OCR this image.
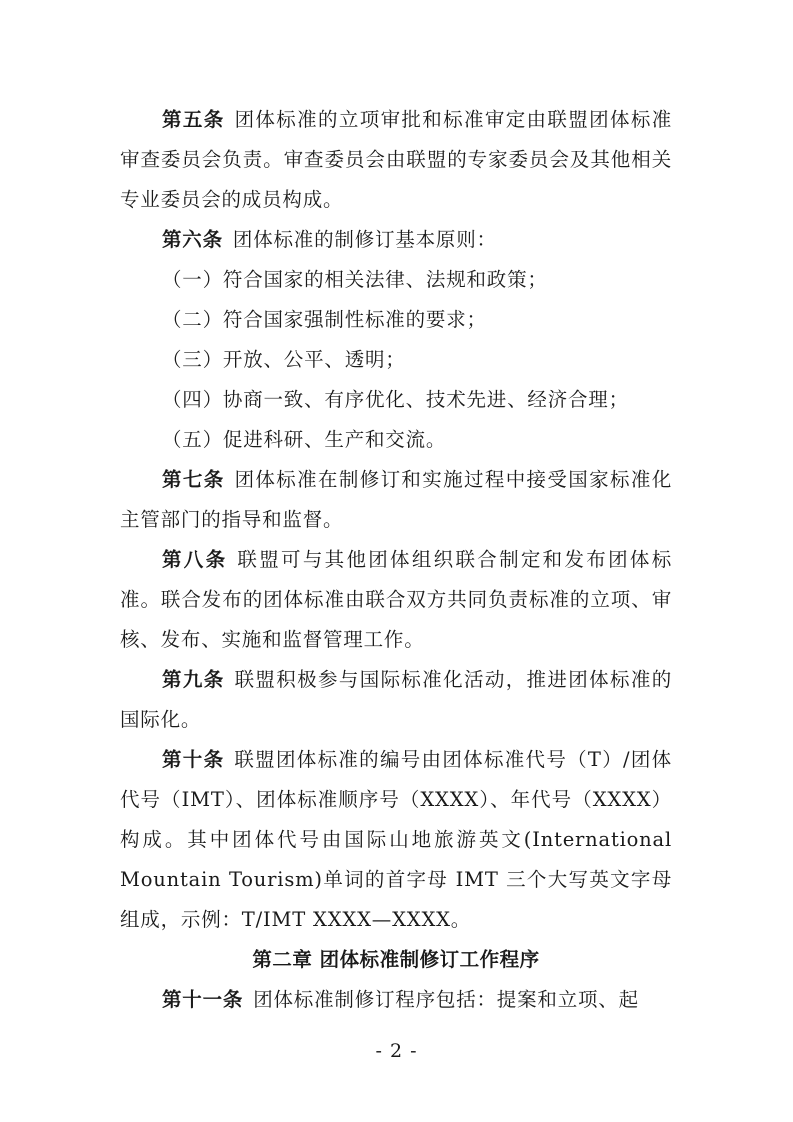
第五条 团体标准的立项审批和标准审定由联盟团体标准审查委员会负责。审查委员会由联盟的专家委员会及其他相关专业委员会的成员构成。

第六条 团体标准的制修订基本原则：

（一）符合国家的相关法律、法规和政策；

（二）符合国家强制性标准的要求；

（三）开放、公平、透明；

（四）协商一致、有序优化、技术先进、经济合理；

（五）促进科研、生产和交流。

第七条 团体标准在制修订和实施过程中接受国家标准化主管部门的指导和监督。

第八条 联盟可与其他团体组织联合制定和发布团体标准。联合发布的团体标准由联合双方共同负责标准的立项、审核、发布、实施和监督管理工作。

第九条 联盟积极参与国际标准化活动，推进团体标准的国际化。

第十条 联盟团体标准的编号由团体标准代号（T）/团体代号（IMT）、团体标准顺序号（XXXX）、年代号（XXXX）构成。其中团体代号由国际山地旅游英文(International Mountain Tourism)单词的首字母 IMT 三个大写英文字母组成，示例：T/IMT XXXX—XXXX。

第二章 团体标准制修订工作程序

第十一条 团体标准制修订程序包括：提案和立项、起

- 2 -
